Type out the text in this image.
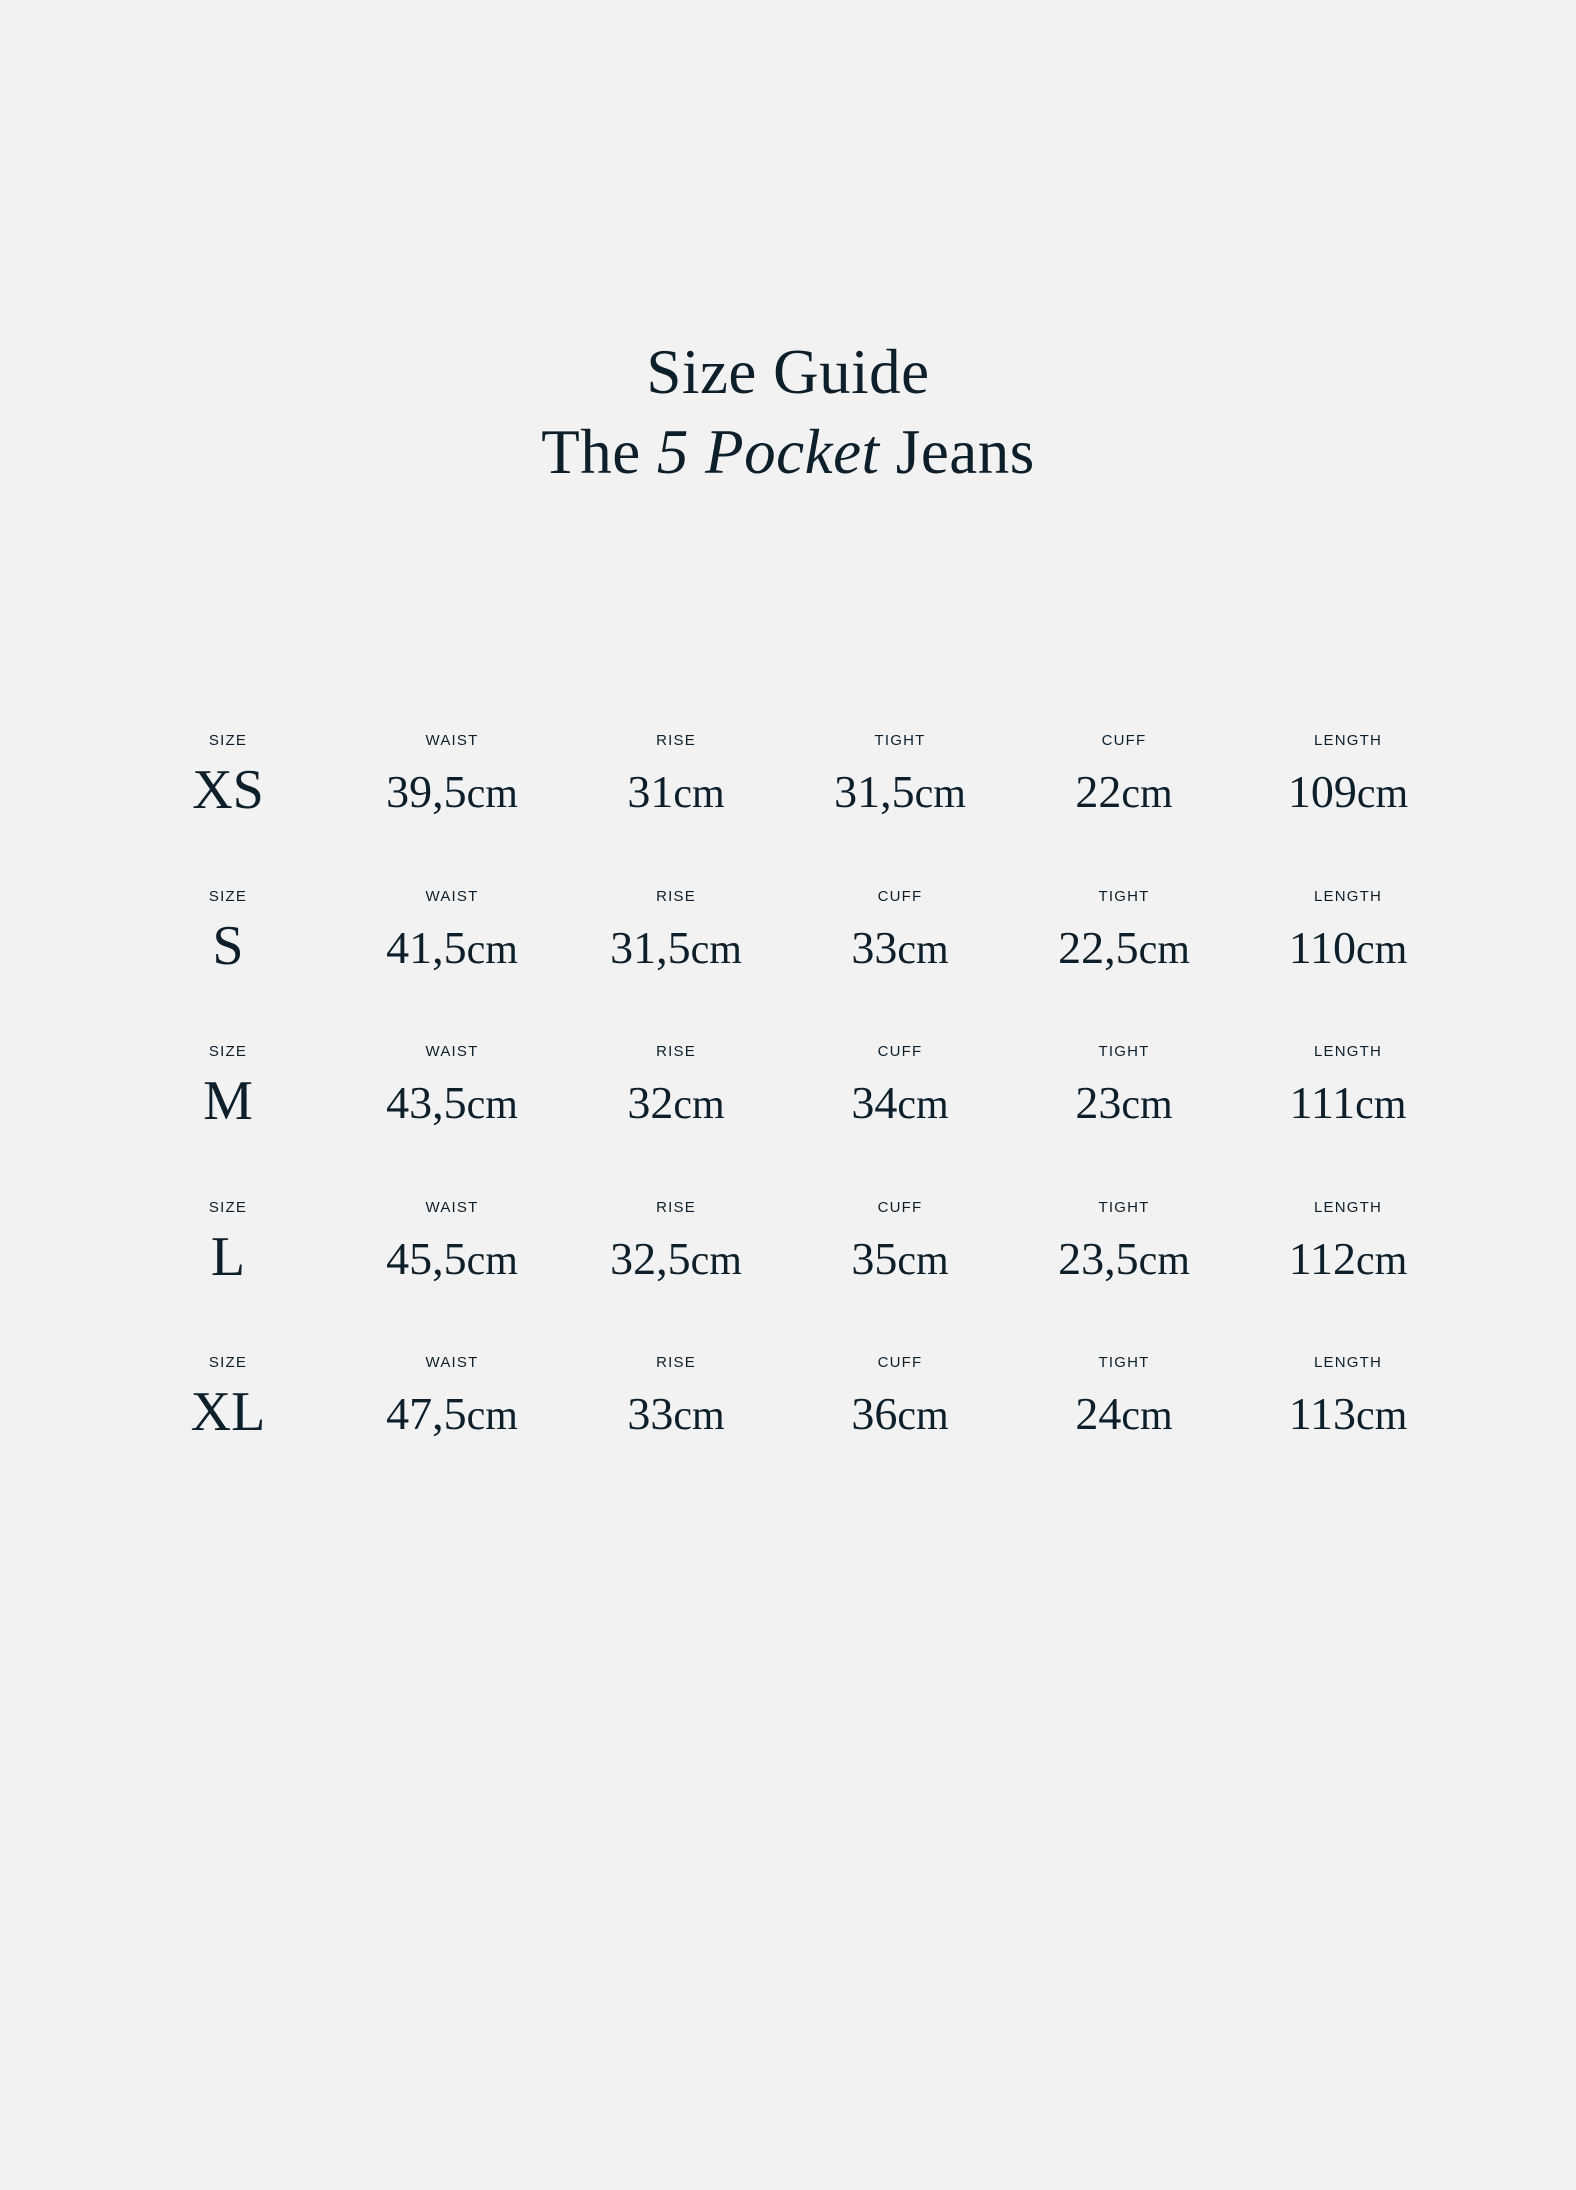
Size Guide
The 5 Pocket Jeans
SIZE
XS
WAIST
39,5cm
RISE
31cm
TIGHT
31,5cm
CUFF
22cm
LENGTH
109cm
SIZE
S
WAIST
41,5cm
RISE
31,5cm
CUFF
33cm
TIGHT
22,5cm
LENGTH
110cm
SIZE
M
WAIST
43,5cm
RISE
32cm
CUFF
34cm
TIGHT
23cm
LENGTH
111cm
SIZE
L
WAIST
45,5cm
RISE
32,5cm
CUFF
35cm
TIGHT
23,5cm
LENGTH
112cm
SIZE
XL
WAIST
47,5cm
RISE
33cm
CUFF
36cm
TIGHT
24cm
LENGTH
113cm
